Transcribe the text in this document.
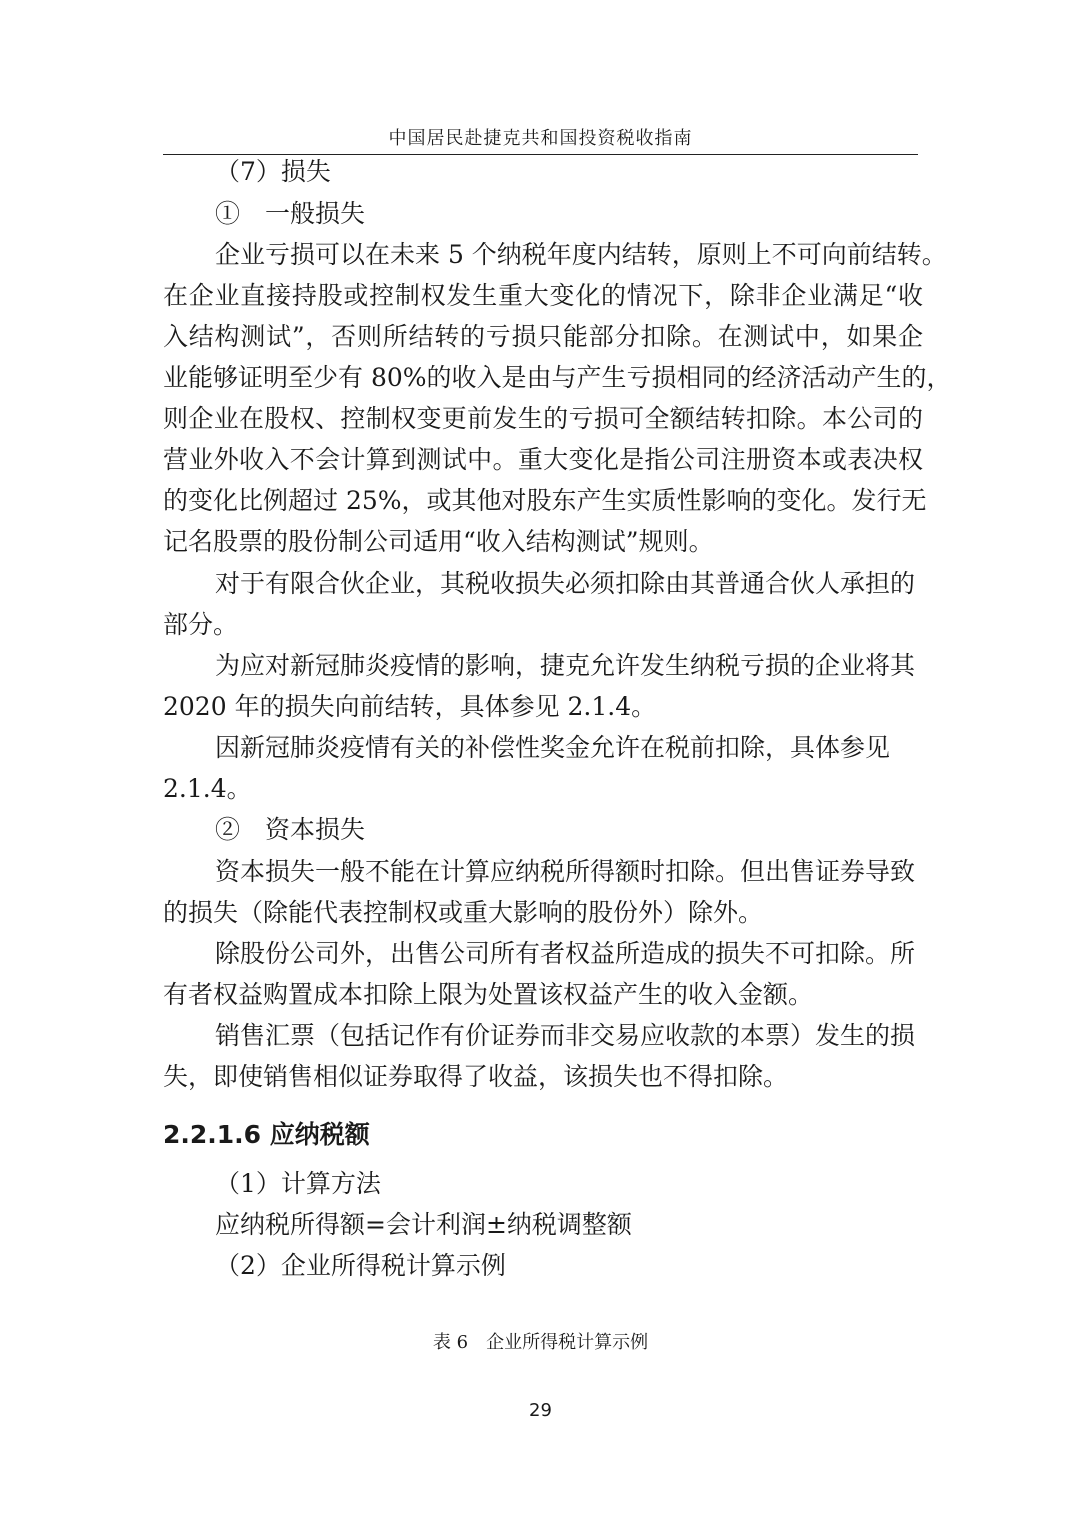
中国居民赴捷克共和国投资税收指南
（7）损失
①　一般损失
企业亏损可以在未来 5 个纳税年度内结转，原则上不可向前结转。
在企业直接持股或控制权发生重大变化的情况下，除非企业满足“收
入结构测试”，否则所结转的亏损只能部分扣除。在测试中，如果企
业能够证明至少有 80%的收入是由与产生亏损相同的经济活动产生的，
则企业在股权、控制权变更前发生的亏损可全额结转扣除。本公司的
营业外收入不会计算到测试中。重大变化是指公司注册资本或表决权
的变化比例超过 25%，或其他对股东产生实质性影响的变化。发行无
记名股票的股份制公司适用“收入结构测试”规则。
对于有限合伙企业，其税收损失必须扣除由其普通合伙人承担的
部分。
为应对新冠肺炎疫情的影响，捷克允许发生纳税亏损的企业将其
2020 年的损失向前结转，具体参见 2.1.4。
因新冠肺炎疫情有关的补偿性奖金允许在税前扣除，具体参见
2.1.4。
②　资本损失
资本损失一般不能在计算应纳税所得额时扣除。但出售证券导致
的损失（除能代表控制权或重大影响的股份外）除外。
除股份公司外，出售公司所有者权益所造成的损失不可扣除。所
有者权益购置成本扣除上限为处置该权益产生的收入金额。
销售汇票（包括记作有价证券而非交易应收款的本票）发生的损
失，即使销售相似证券取得了收益，该损失也不得扣除。
2.2.1.6 应纳税额
（1）计算方法
应纳税所得额=会计利润±纳税调整额
（2）企业所得税计算示例
表 6　企业所得税计算示例
29
